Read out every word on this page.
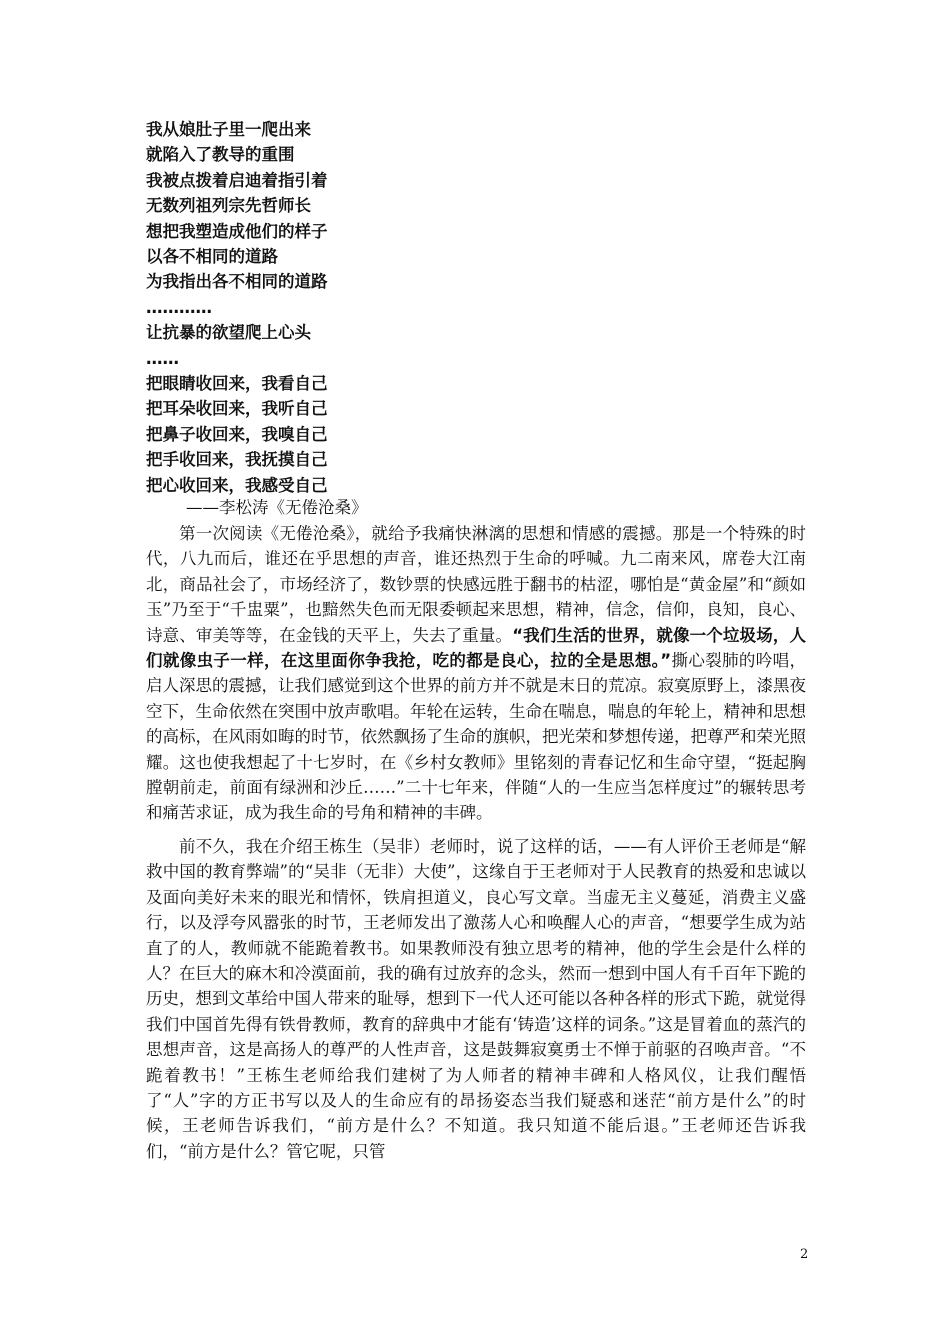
我从娘肚子里一爬出来
就陷入了教导的重围
我被点拨着启迪着指引着
无数列祖列宗先哲师长
想把我塑造成他们的样子
以各不相同的道路
为我指出各不相同的道路
…………
让抗暴的欲望爬上心头
……
把眼睛收回来，我看自己
把耳朵收回来，我听自己
把鼻子收回来，我嗅自己
把手收回来，我抚摸自己
把心收回来，我感受自己
——李松涛《无倦沧桑》

第一次阅读《无倦沧桑》，就给予我痛快淋漓的思想和情感的震撼。那是一个特殊的时代，八九而后，谁还在乎思想的声音，谁还热烈于生命的呼喊。九二南来风，席卷大江南北，商品社会了，市场经济了，数钞票的快感远胜于翻书的枯涩，哪怕是“黄金屋”和“颜如玉”乃至于“千盅粟”，也黯然失色而无限委顿起来思想，精神，信念，信仰，良知，良心、诗意、审美等等，在金钱的天平上，失去了重量。“我们生活的世界，就像一个垃圾场，人们就像虫子一样，在这里面你争我抢，吃的都是良心，拉的全是思想。”撕心裂肺的吟唱，启人深思的震撼，让我们感觉到这个世界的前方并不就是末日的荒凉。寂寞原野上，漆黑夜空下，生命依然在突围中放声歌唱。年轮在运转，生命在喘息，喘息的年轮上，精神和思想的高标，在风雨如晦的时节，依然飘扬了生命的旗帜，把光荣和梦想传递，把尊严和荣光照耀。这也使我想起了十七岁时，在《乡村女教师》里铭刻的青春记忆和生命守望，“挺起胸膛朝前走，前面有绿洲和沙丘……”二十七年来，伴随“人的一生应当怎样度过”的辗转思考和痛苦求证，成为我生命的号角和精神的丰碑。

前不久，我在介绍王栋生（吴非）老师时，说了这样的话，——有人评价王老师是“解救中国的教育弊端”的“吴非（无非）大使”，这缘自于王老师对于人民教育的热爱和忠诚以及面向美好未来的眼光和情怀，铁肩担道义，良心写文章。当虚无主义蔓延，消费主义盛行，以及浮夸风嚣张的时节，王老师发出了激荡人心和唤醒人心的声音，“想要学生成为站直了的人，教师就不能跪着教书。如果教师没有独立思考的精神，他的学生会是什么样的人？在巨大的麻木和冷漠面前，我的确有过放弃的念头，然而一想到中国人有千百年下跪的历史，想到文革给中国人带来的耻辱，想到下一代人还可能以各种各样的形式下跪，就觉得我们中国首先得有铁骨教师，教育的辞典中才能有‘铸造’这样的词条。”这是冒着血的蒸汽的思想声音，这是高扬人的尊严的人性声音，这是鼓舞寂寞勇士不惮于前驱的召唤声音。“不跪着教书！”王栋生老师给我们建树了为人师者的精神丰碑和人格风仪，让我们醒悟了“人”字的方正书写以及人的生命应有的昂扬姿态当我们疑惑和迷茫“前方是什么”的时候，王老师告诉我们，“前方是什么？不知道。我只知道不能后退。”王老师还告诉我们，“前方是什么？管它呢，只管

2
